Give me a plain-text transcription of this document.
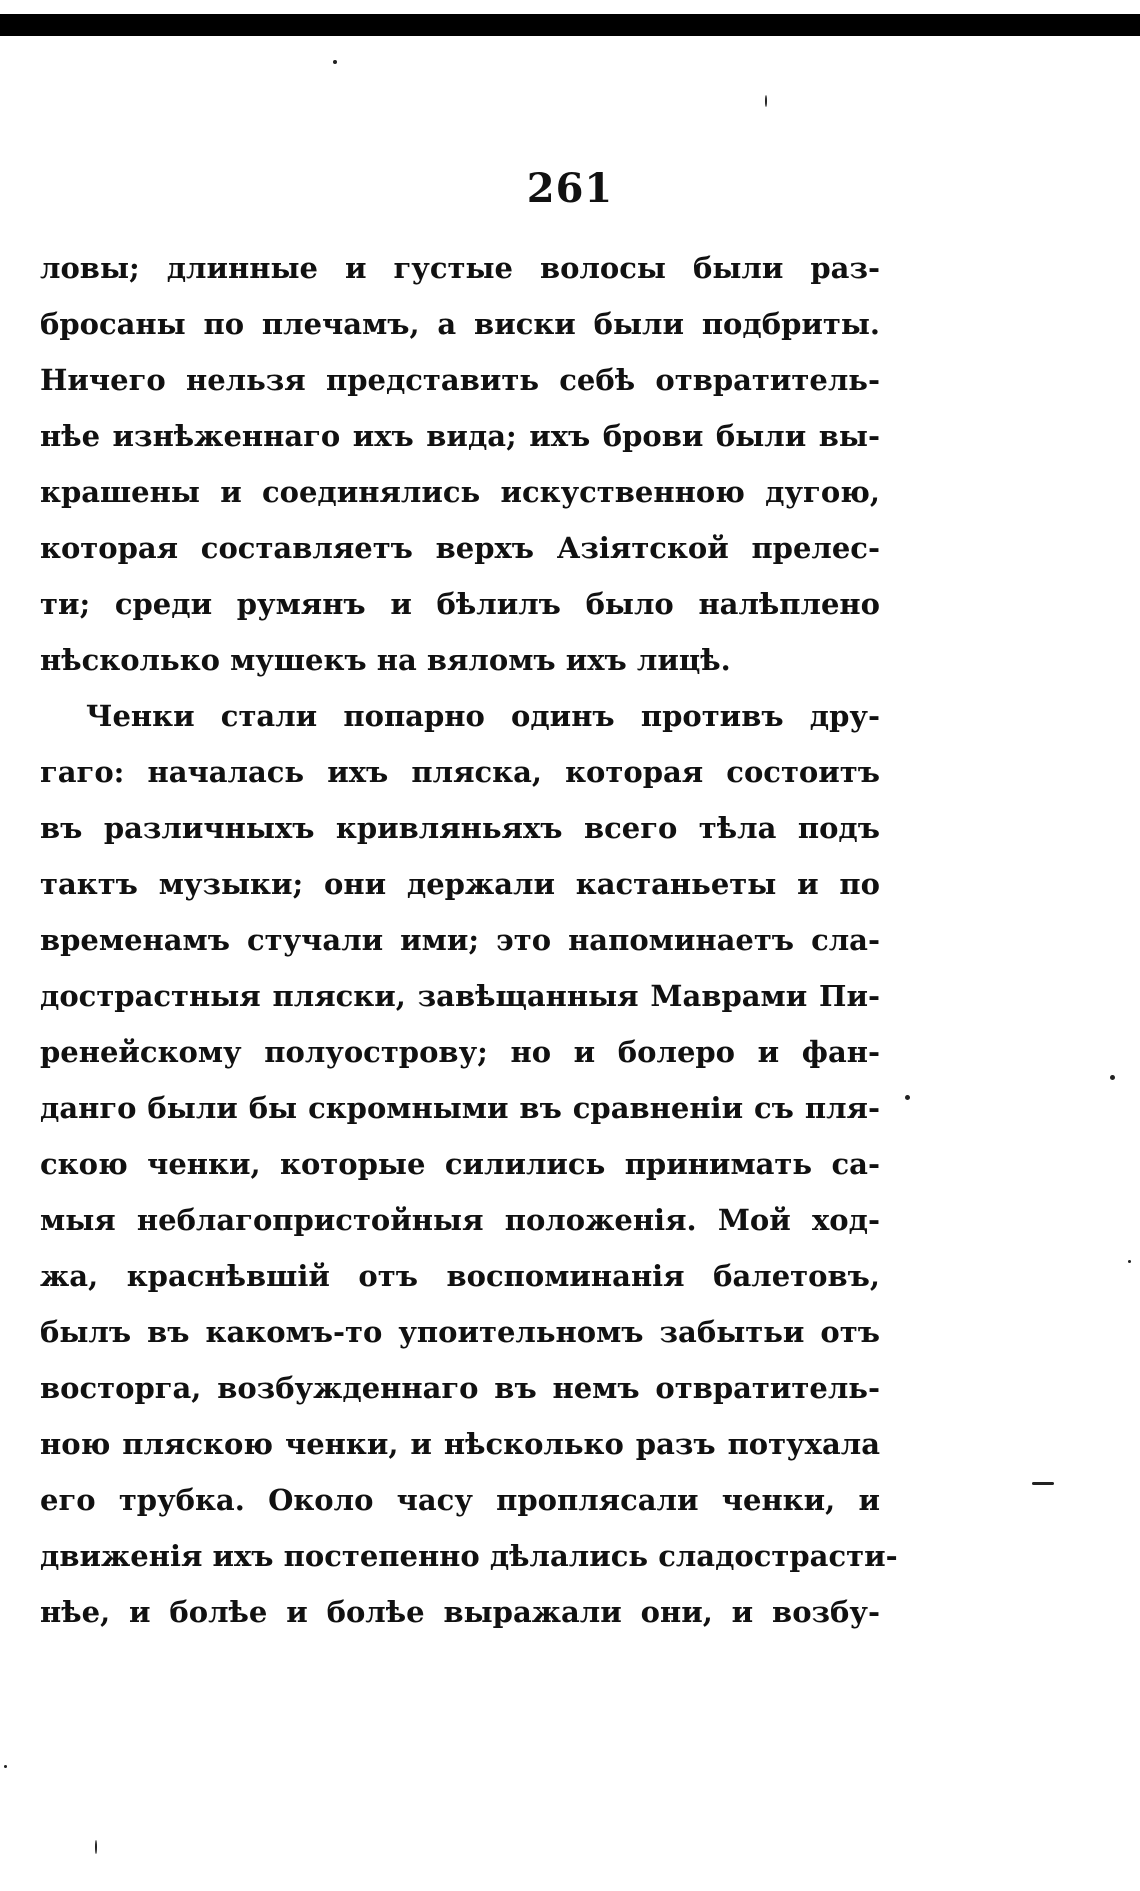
261
ловы; длинные и густые волосы были раз-
бросаны по плечамъ, а виски были подбриты.
Ничего нельзя представить себѣ отвратитель-
нѣе изнѣженнаго ихъ вида; ихъ брови были вы-
крашены и соединялись искуственною дугою,
которая составляетъ верхъ Азіятской прелес-
ти; среди румянъ и бѣлилъ было налѣплено
нѣсколько мушекъ на вяломъ ихъ лицѣ.
Ченки стали попарно одинъ противъ дру-
гаго: началась ихъ пляска, которая состоитъ
въ различныхъ кривляньяхъ всего тѣла подъ
тактъ музыки; они держали кастаньеты и по
временамъ стучали ими; это напоминаетъ сла-
дострастныя пляски, завѣщанныя Маврами Пи-
ренейскому полуострову; но и болеро и фан-
данго были бы скромными въ сравненіи съ пля-
скою ченки, которые силились принимать са-
мыя неблагопристойныя положенія. Мой ход-
жа, краснѣвшій отъ воспоминанія балетовъ,
былъ въ какомъ-то упоительномъ забытьи отъ
восторга, возбужденнаго въ немъ отвратитель-
ною пляскою ченки, и нѣсколько разъ потухала
его трубка. Около часу проплясали ченки, и
движенія ихъ постепенно дѣлались сладострасти-
нѣе, и болѣе и болѣе выражали они, и возбу-
